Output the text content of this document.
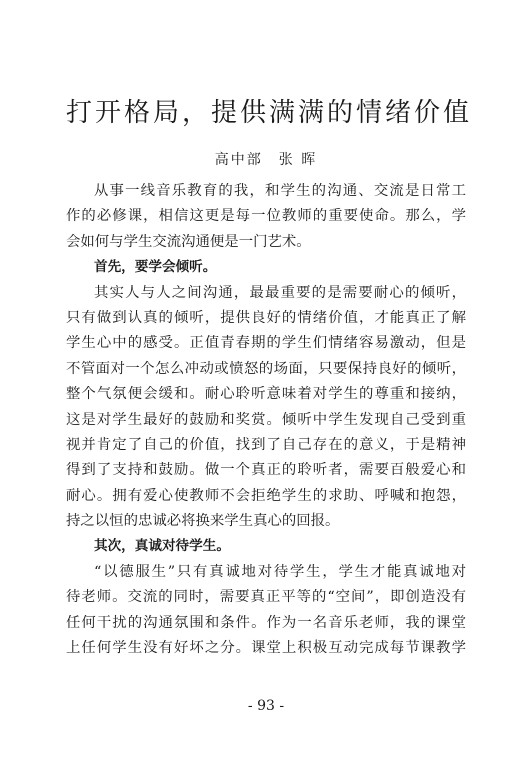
打开格局，提供满满的情绪价值
高中部 张 晖
从事一线音乐教育的我，和学生的沟通、交流是日常工
作的必修课，相信这更是每一位教师的重要使命。那么，学
会如何与学生交流沟通便是一门艺术。
首先，要学会倾听。
其实人与人之间沟通，最最重要的是需要耐心的倾听，
只有做到认真的倾听，提供良好的情绪价值，才能真正了解
学生心中的感受。正值青春期的学生们情绪容易激动，但是
不管面对一个怎么冲动或愤怒的场面，只要保持良好的倾听，
整个气氛便会缓和。耐心聆听意味着对学生的尊重和接纳，
这是对学生最好的鼓励和奖赏。倾听中学生发现自己受到重
视并肯定了自己的价值，找到了自己存在的意义，于是精神
得到了支持和鼓励。做一个真正的聆听者，需要百般爱心和
耐心。拥有爱心使教师不会拒绝学生的求助、呼喊和抱怨，
持之以恒的忠诚必将换来学生真心的回报。
其次，真诚对待学生。
“以德服生”只有真诚地对待学生，学生才能真诚地对
待老师。交流的同时，需要真正平等的“空间”，即创造没有
任何干扰的沟通氛围和条件。作为一名音乐老师，我的课堂
上任何学生没有好坏之分。课堂上积极互动完成每节课教学
- 93 -
